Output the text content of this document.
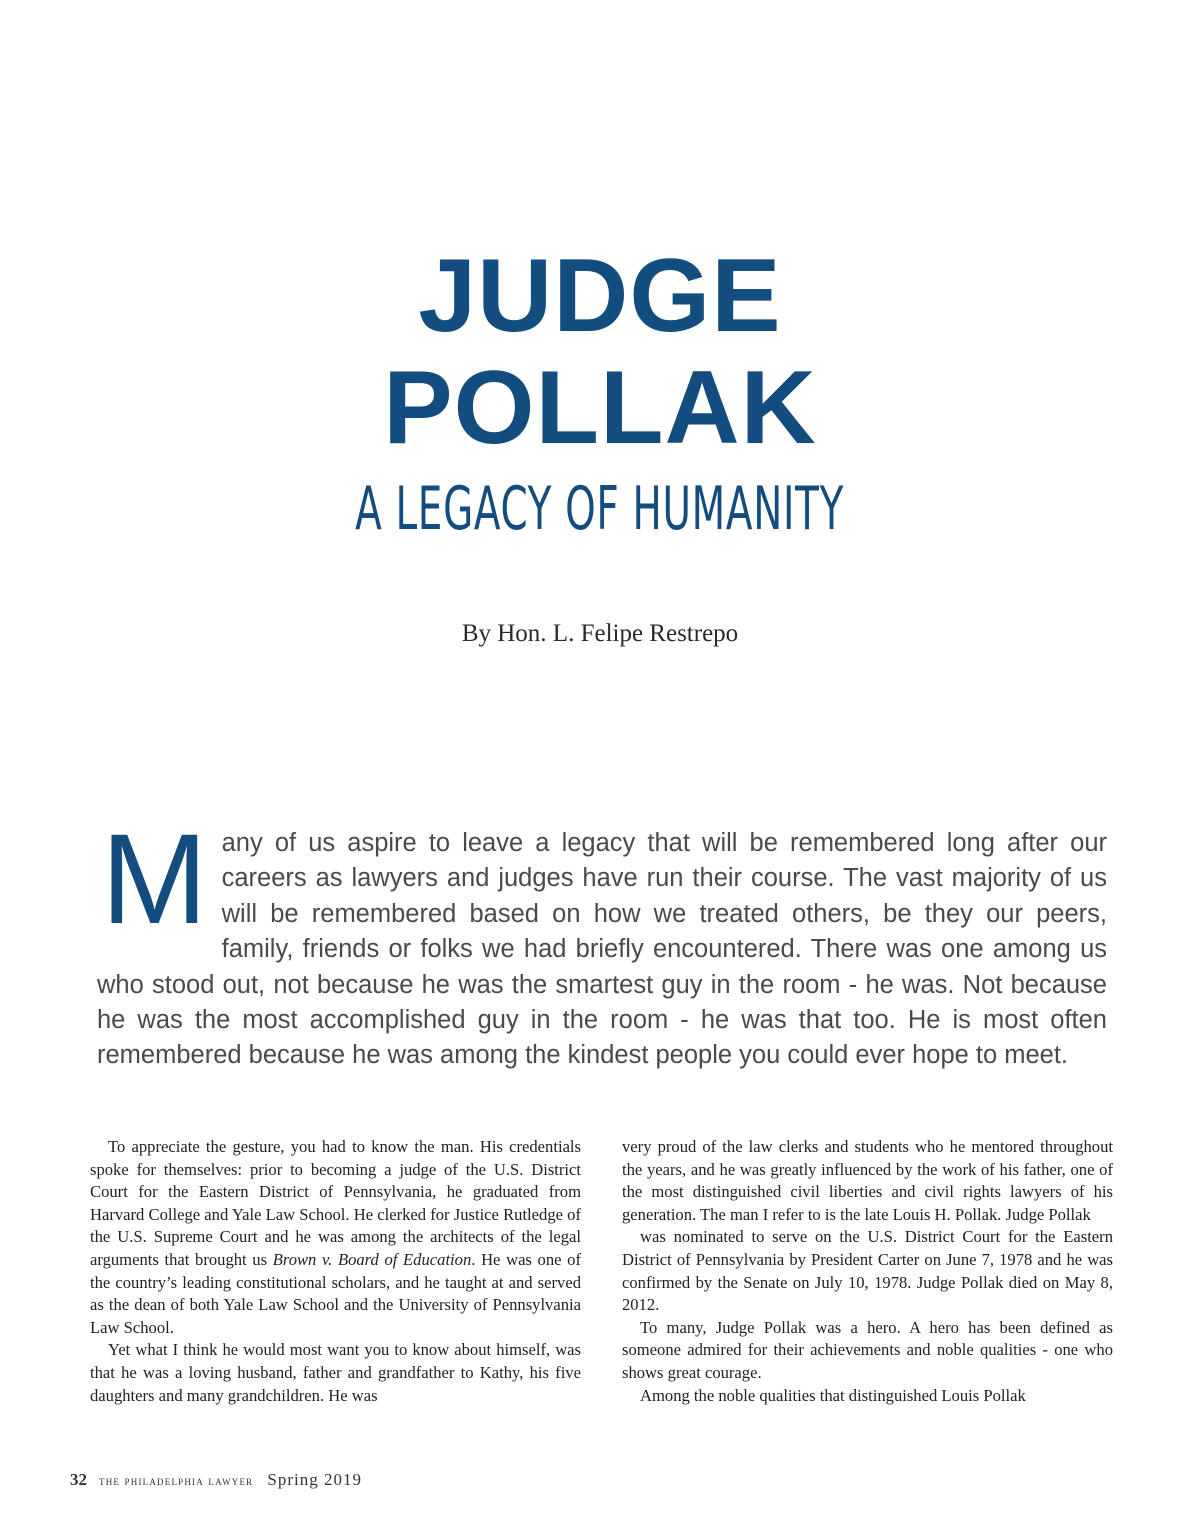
JUDGE
POLLAK
A LEGACY OF HUMANITY
By Hon. L. Felipe Restrepo

Many of us aspire to leave a legacy that will be remembered long after our careers as lawyers and judges have run their course. The vast majority of us will be remembered based on how we treated others, be they our peers, family, friends or folks we had briefly encountered. There was one among us who stood out, not because he was the smartest guy in the room - he was. Not because he was the most accomplished guy in the room - he was that too. He is most often remembered because he was among the kindest people you could ever hope to meet.

To appreciate the gesture, you had to know the man. His credentials spoke for themselves: prior to becoming a judge of the U.S. District Court for the Eastern District of Pennsylvania, he graduated from Harvard College and Yale Law School. He clerked for Justice Rutledge of the U.S. Supreme Court and he was among the architects of the legal arguments that brought us Brown v. Board of Education. He was one of the country’s leading constitutional scholars, and he taught at and served as the dean of both Yale Law School and the University of Pennsylvania Law School.

Yet what I think he would most want you to know about himself, was that he was a loving husband, father and grandfather to Kathy, his five daughters and many grandchildren. He was

very proud of the law clerks and students who he mentored throughout the years, and he was greatly influenced by the work of his father, one of the most distinguished civil liberties and civil rights lawyers of his generation. The man I refer to is the late Louis H. Pollak. Judge Pollak

was nominated to serve on the U.S. District Court for the Eastern District of Pennsylvania by President Carter on June 7, 1978 and he was confirmed by the Senate on July 10, 1978. Judge Pollak died on May 8, 2012.

To many, Judge Pollak was a hero. A hero has been defined as someone admired for their achievements and noble qualities - one who shows great courage.

Among the noble qualities that distinguished Louis Pollak

32 the philadelphia lawyer Spring 2019
